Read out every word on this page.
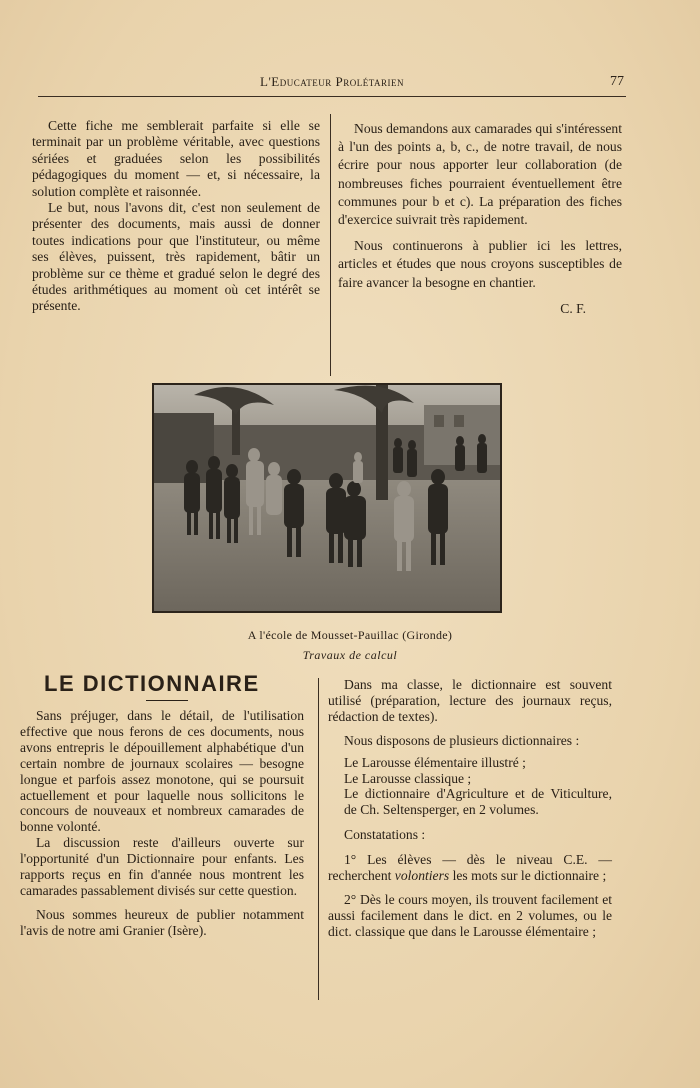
L'Educateur Prolétarien	77

Cette fiche me semblerait parfaite si elle se terminait par un problème véritable, avec questions sériées et graduées selon les possibilités pédagogiques du moment — et, si nécessaire, la solution complète et raisonnée.

Le but, nous l'avons dit, c'est non seulement de présenter des documents, mais aussi de donner toutes indications pour que l'instituteur, ou même ses élèves, puissent, très rapidement, bâtir un problème sur ce thème et gradué selon le degré des études arithmétiques au moment où cet intérêt se présente.

Nous demandons aux camarades qui s'intéressent à l'un des points a, b, c., de notre travail, de nous écrire pour nous apporter leur collaboration (de nombreuses fiches pourraient éventuellement être communes pour b et c). La préparation des fiches d'exercice suivrait très rapidement.

Nous continuerons à publier ici les lettres, articles et études que nous croyons susceptibles de faire avancer la besogne en chantier.

C. F.

A l'école de Mousset-Pauillac (Gironde)
Travaux de calcul
LE DICTIONNAIRE

Sans préjuger, dans le détail, de l'utilisation effective que nous ferons de ces documents, nous avons entrepris le dépouillement alphabétique d'un certain nombre de journaux scolaires — besogne longue et parfois assez monotone, qui se poursuit actuellement et pour laquelle nous sollicitons le concours de nouveaux et nombreux camarades de bonne volonté.

La discussion reste d'ailleurs ouverte sur l'opportunité d'un Dictionnaire pour enfants. Les rapports reçus en fin d'année nous montrent les camarades passablement divisés sur cette question.

Nous sommes heureux de publier notamment l'avis de notre ami Granier (Isère).

Dans ma classe, le dictionnaire est souvent utilisé (préparation, lecture des journaux reçus, rédaction de textes).

Nous disposons de plusieurs dictionnaires :

Le Larousse élémentaire illustré ;

Le Larousse classique ;

Le dictionnaire d'Agriculture et de Viticulture, de Ch. Seltensperger, en 2 volumes.

Constatations :

1° Les élèves — dès le niveau C.E. — recherchent volontiers les mots sur le dictionnaire ;

2° Dès le cours moyen, ils trouvent facilement et aussi facilement dans le dict. en 2 volumes, ou le dict. classique que dans le Larousse élémentaire ;
